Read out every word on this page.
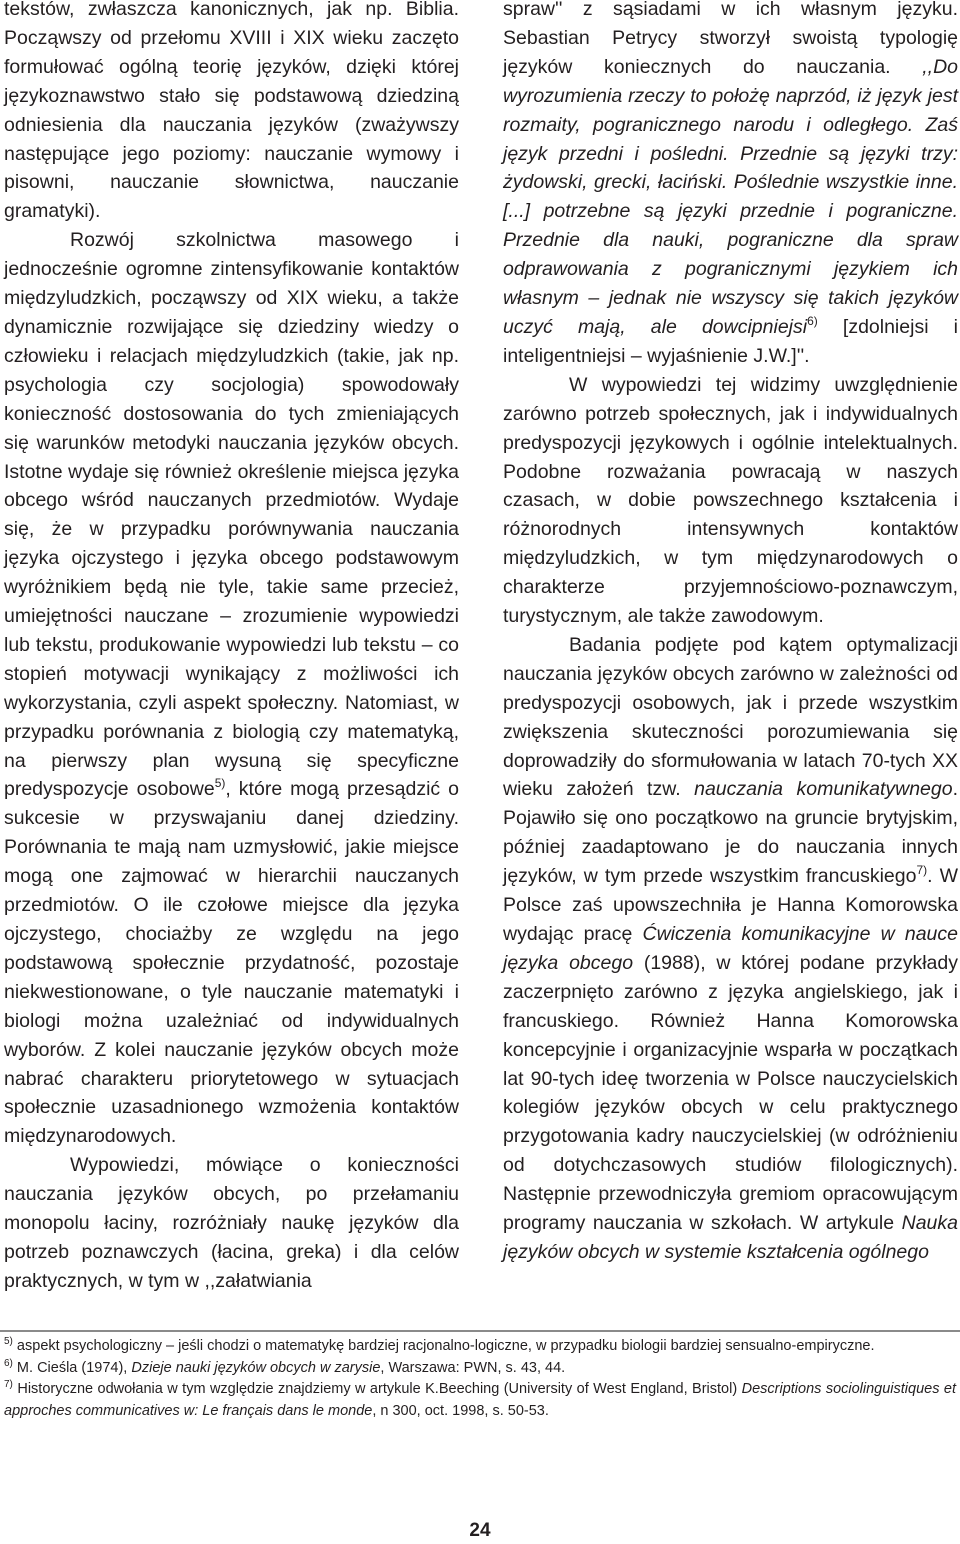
tekstów, zwłaszcza kanonicznych, jak np. Biblia. Począwszy od przełomu XVIII i XIX wieku zaczęto formułować ogólną teorię języków, dzięki której językoznawstwo stało się podstawową dziedziną odniesienia dla nauczania języków (zważywszy następujące jego poziomy: nauczanie wymowy i pisowni, nauczanie słownictwa, nauczanie gramatyki).

Rozwój szkolnictwa masowego i jednocześnie ogromne zintensyfikowanie kontaktów międzyludzkich, począwszy od XIX wieku, a także dynamicznie rozwijające się dziedziny wiedzy o człowieku i relacjach międzyludzkich (takie, jak np. psychologia czy socjologia) spowodowały konieczność dostosowania do tych zmieniających się warunków metodyki nauczania języków obcych. Istotne wydaje się również określenie miejsca języka obcego wśród nauczanych przedmiotów. Wydaje się, że w przypadku porównywania nauczania języka ojczystego i języka obcego podstawowym wyróżnikiem będą nie tyle, takie same przecież, umiejętności nauczane – zrozumienie wypowiedzi lub tekstu, produkowanie wypowiedzi lub tekstu – co stopień motywacji wynikający z możliwości ich wykorzystania, czyli aspekt społeczny. Natomiast, w przypadku porównania z biologią czy matematyką, na pierwszy plan wysuną się specyficzne predyspozycje osobowe$^{5)}$, które mogą przesądzić o sukcesie w przyswajaniu danej dziedziny. Porównania te mają nam uzmysłowić, jakie miejsce mogą one zajmować w hierarchii nauczanych przedmiotów. O ile czołowe miejsce dla języka ojczystego, chociażby ze względu na jego podstawową społecznie przydatność, pozostaje niekwestionowane, o tyle nauczanie matematyki i biologi można uzależniać od indywidualnych wyborów. Z kolei nauczanie języków obcych może nabrać charakteru priorytetowego w sytuacjach społecznie uzasadnionego wzmożenia kontaktów międzynarodowych.

Wypowiedzi, mówiące o konieczności nauczania języków obcych, po przełamaniu monopolu łaciny, rozróżniały naukę języków dla potrzeb poznawczych (łacina, greka) i dla celów praktycznych, w tym w ,,załatwiania

spraw'' z sąsiadami w ich własnym języku. Sebastian Petrycy stworzył swoistą typologię języków koniecznych do nauczania. ,,Do wyrozumienia rzeczy to położę naprzód, iż język jest rozmaity, pogranicznego narodu i odległego. Zaś język przedni i pośledni. Przednie są języki trzy: żydowski, grecki, łaciński. Poślednie wszystkie inne. [...] potrzebne są języki przednie i pograniczne. Przednie dla nauki, pograniczne dla spraw odprawowania z pogranicznymi językiem ich własnym – jednak nie wszyscy się takich języków uczyć mają, ale dowcipniejsi$^{6)}$ [zdolniejsi i inteligentniejsi – wyjaśnienie J.W.]''.

W wypowiedzi tej widzimy uwzględnienie zarówno potrzeb społecznych, jak i indywidualnych predyspozycji językowych i ogólnie intelektualnych. Podobne rozważania powracają w naszych czasach, w dobie powszechnego kształcenia i różnorodnych intensywnych kontaktów międzyludzkich, w tym międzynarodowych o charakterze przyjemnościowo-poznawczym, turystycznym, ale także zawodowym.

Badania podjęte pod kątem optymalizacji nauczania języków obcych zarówno w zależności od predyspozycji osobowych, jak i przede wszystkim zwiększenia skuteczności porozumiewania się doprowadziły do sformułowania w latach 70-tych XX wieku założeń tzw. nauczania komunikatywnego. Pojawiło się ono początkowo na gruncie brytyjskim, później zaadaptowano je do nauczania innych języków, w tym przede wszystkim francuskiego$^{7)}$. W Polsce zaś upowszechniła je Hanna Komorowska wydając pracę Ćwiczenia komunikacyjne w nauce języka obcego (1988), w której podane przykłady zaczerpnięto zarówno z języka angielskiego, jak i francuskiego. Również Hanna Komorowska koncepcyjnie i organizacyjnie wsparła w początkach lat 90-tych ideę tworzenia w Polsce nauczycielskich kolegiów języków obcych w celu praktycznego przygotowania kadry nauczycielskiej (w odróżnieniu od dotychczasowych studiów filologicznych). Następnie przewodniczyła gremiom opracowującym programy nauczania w szkołach. W artykule Nauka języków obcych w systemie kształcenia ogólnego

$^{5)}$ aspekt psychologiczny – jeśli chodzi o matematykę bardziej racjonalno-logiczne, w przypadku biologii bardziej sensualno-empiryczne.

$^{6)}$ M. Cieśla (1974), Dzieje nauki języków obcych w zarysie, Warszawa: PWN, s. 43, 44.

$^{7)}$ Historyczne odwołania w tym względzie znajdziemy w artykule K.Beeching (University of West England, Bristol) Descriptions sociolinguistiques et approches communicatives w: Le français dans le monde, n 300, oct. 1998, s. 50-53.

24
